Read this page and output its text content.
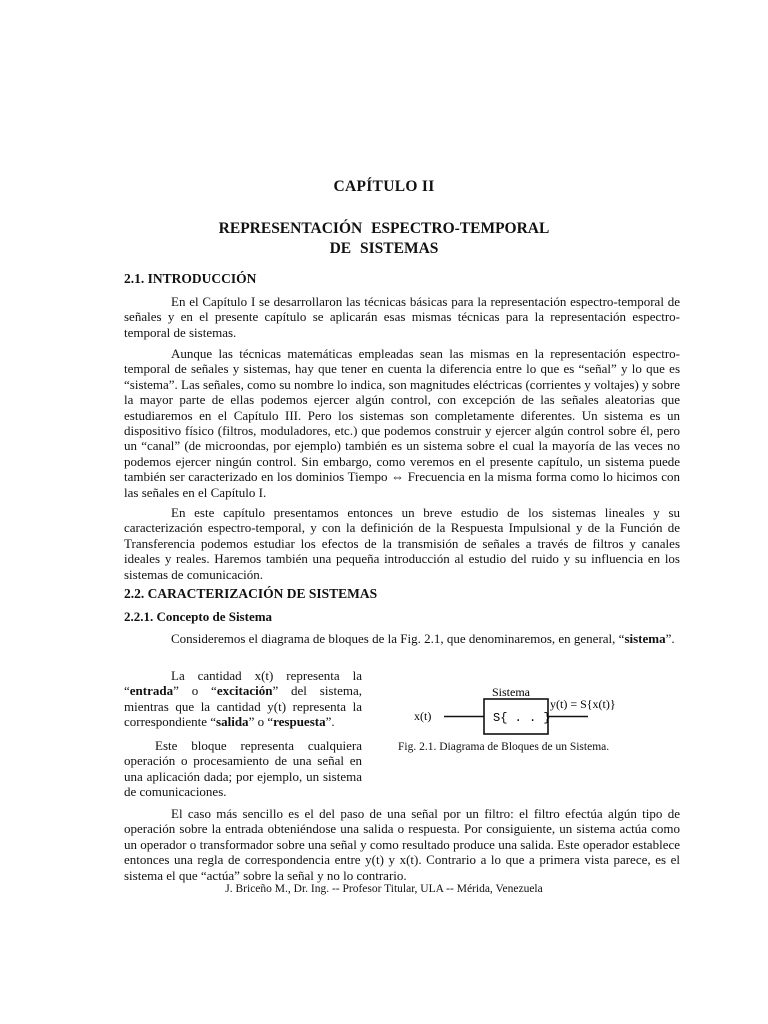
CAPÍTULO II
REPRESENTACIÓN ESPECTRO-TEMPORAL
DE SISTEMAS
2.1. INTRODUCCIÓN
En el Capítulo I se desarrollaron las técnicas básicas para la representación espectro-temporal de señales y en el presente capítulo se aplicarán esas mismas técnicas para la representación espectro-temporal de sistemas.
Aunque las técnicas matemáticas empleadas sean las mismas en la representación espectro-temporal de señales y sistemas, hay que tener en cuenta la diferencia entre lo que es “señal” y lo que es “sistema”. Las señales, como su nombre lo indica, son magnitudes eléctricas (corrientes y voltajes) y sobre la mayor parte de ellas podemos ejercer algún control, con excepción de las señales aleatorias que estudiaremos en el Capítulo III. Pero los sistemas son completamente diferentes. Un sistema es un dispositivo físico (filtros, moduladores, etc.) que podemos construir y ejercer algún control sobre él, pero un “canal” (de microondas, por ejemplo) también es un sistema sobre el cual la mayoría de las veces no podemos ejercer ningún control. Sin embargo, como veremos en el presente capítulo, un sistema puede también ser caracterizado en los dominios Tiempo ⇔ Frecuencia en la misma forma como lo hicimos con las señales en el Capítulo I.
En este capítulo presentamos entonces un breve estudio de los sistemas lineales y su caracterización espectro-temporal, y con la definición de la Respuesta Impulsional y de la Función de Transferencia podemos estudiar los efectos de la transmisión de señales a través de filtros y canales ideales y reales. Haremos también una pequeña introducción al estudio del ruido y su influencia en los sistemas de comunicación.
2.2. CARACTERIZACIÓN DE SISTEMAS
2.2.1. Concepto de Sistema
Consideremos el diagrama de bloques de la Fig. 2.1, que denominaremos, en general, “sistema”.
La cantidad x(t) representa la “entrada” o “excitación” del sistema, mientras que la cantidad y(t) representa la correspondiente “salida” o “respuesta”.
Este bloque representa cualquiera operación o procesamiento de una señal en una aplicación dada; por ejemplo, un sistema de comunicaciones.
Sistema
S{ . . }
x(t)
y(t) = S{x(t)}
Fig. 2.1. Diagrama de Bloques de un Sistema.
El caso más sencillo es el del paso de una señal por un filtro: el filtro efectúa algún tipo de operación sobre la entrada obteniéndose una salida o respuesta. Por consiguiente, un sistema actúa como un operador o transformador sobre una señal y como resultado produce una salida. Este operador establece entonces una regla de correspondencia entre y(t) y x(t). Contrario a lo que a primera vista parece, es el sistema el que “actúa” sobre la señal y no lo contrario.
J. Briceño M., Dr. Ing. -- Profesor Titular, ULA -- Mérida, Venezuela
